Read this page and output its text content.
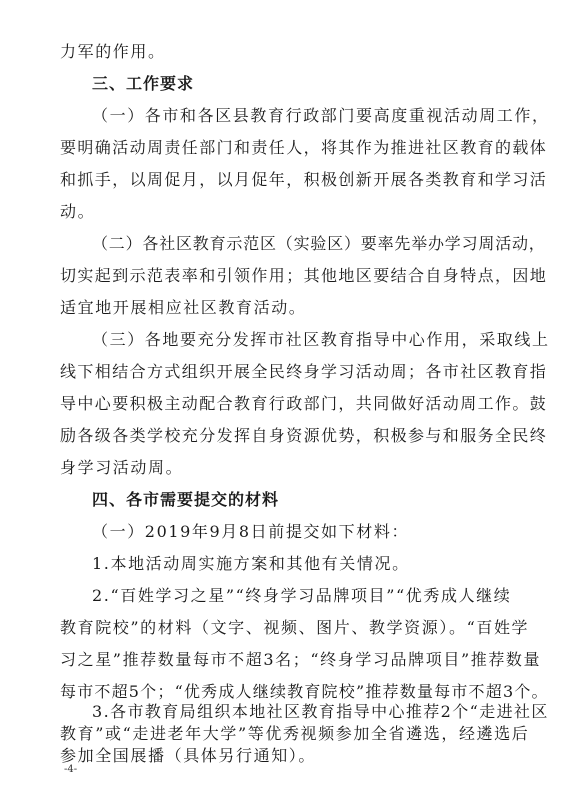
力军的作用。
三、工作要求
（一）各市和各区县教育行政部门要高度重视活动周工作，
要明确活动周责任部门和责任人，将其作为推进社区教育的载体
和抓手，以周促月，以月促年，积极创新开展各类教育和学习活
动。
（二）各社区教育示范区（实验区）要率先举办学习周活动，
切实起到示范表率和引领作用；其他地区要结合自身特点，因地
适宜地开展相应社区教育活动。
（三）各地要充分发挥市社区教育指导中心作用，采取线上
线下相结合方式组织开展全民终身学习活动周；各市社区教育指
导中心要积极主动配合教育行政部门，共同做好活动周工作。鼓
励各级各类学校充分发挥自身资源优势，积极参与和服务全民终
身学习活动周。
四、各市需要提交的材料
（一）2019年9月8日前提交如下材料：
1.本地活动周实施方案和其他有关情况。
2.“百姓学习之星”“终身学习品牌项目”“优秀成人继续
教育院校”的材料（文字、视频、图片、教学资源）。“百姓学
习之星”推荐数量每市不超3名；“终身学习品牌项目”推荐数量
每市不超5个；“优秀成人继续教育院校”推荐数量每市不超3个。
3.各市教育局组织本地社区教育指导中心推荐2个“走进社区
教育”或“走进老年大学”等优秀视频参加全省遴选，经遴选后
参加全国展播（具体另行通知）。
-4-
